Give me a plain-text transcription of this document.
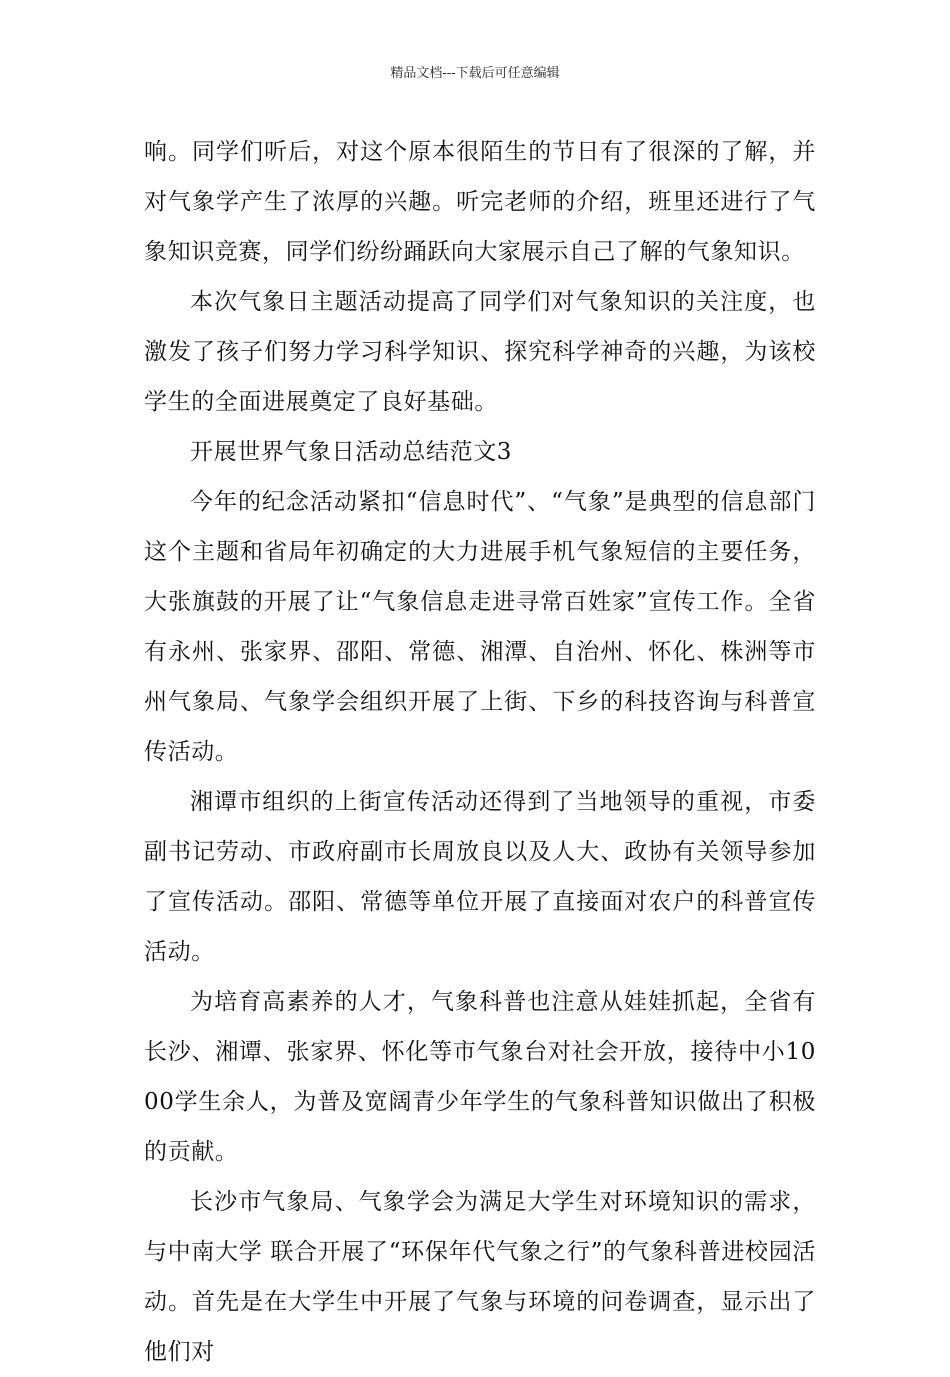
精品文档---下载后可任意编辑

响。同学们听后，对这个原本很陌生的节日有了很深的了解，并对气象学产生了浓厚的兴趣。听完老师的介绍，班里还进行了气象知识竞赛，同学们纷纷踊跃向大家展示自己了解的气象知识。

本次气象日主题活动提高了同学们对气象知识的关注度，也激发了孩子们努力学习科学知识、探究科学神奇的兴趣，为该校学生的全面进展奠定了良好基础。

开展世界气象日活动总结范文3

今年的纪念活动紧扣“信息时代”、“气象”是典型的信息部门这个主题和省局年初确定的大力进展手机气象短信的主要任务，大张旗鼓的开展了让“气象信息走进寻常百姓家”宣传工作。全省有永州、张家界、邵阳、常德、湘潭、自治州、怀化、株洲等市州气象局、气象学会组织开展了上街、下乡的科技咨询与科普宣传活动。

湘谭市组织的上街宣传活动还得到了当地领导的重视，市委副书记劳动、市政府副市长周放良以及人大、政协有关领导参加了宣传活动。邵阳、常德等单位开展了直接面对农户的科普宣传活动。

为培育高素养的人才，气象科普也注意从娃娃抓起，全省有长沙、湘谭、张家界、怀化等市气象台对社会开放，接待中小1000学生余人，为普及宽阔青少年学生的气象科普知识做出了积极的贡献。

长沙市气象局、气象学会为满足大学生对环境知识的需求，与中南大学 联合开展了“环保年代气象之行”的气象科普进校园活动。首先是在大学生中开展了气象与环境的问卷调查，显示出了他们对
